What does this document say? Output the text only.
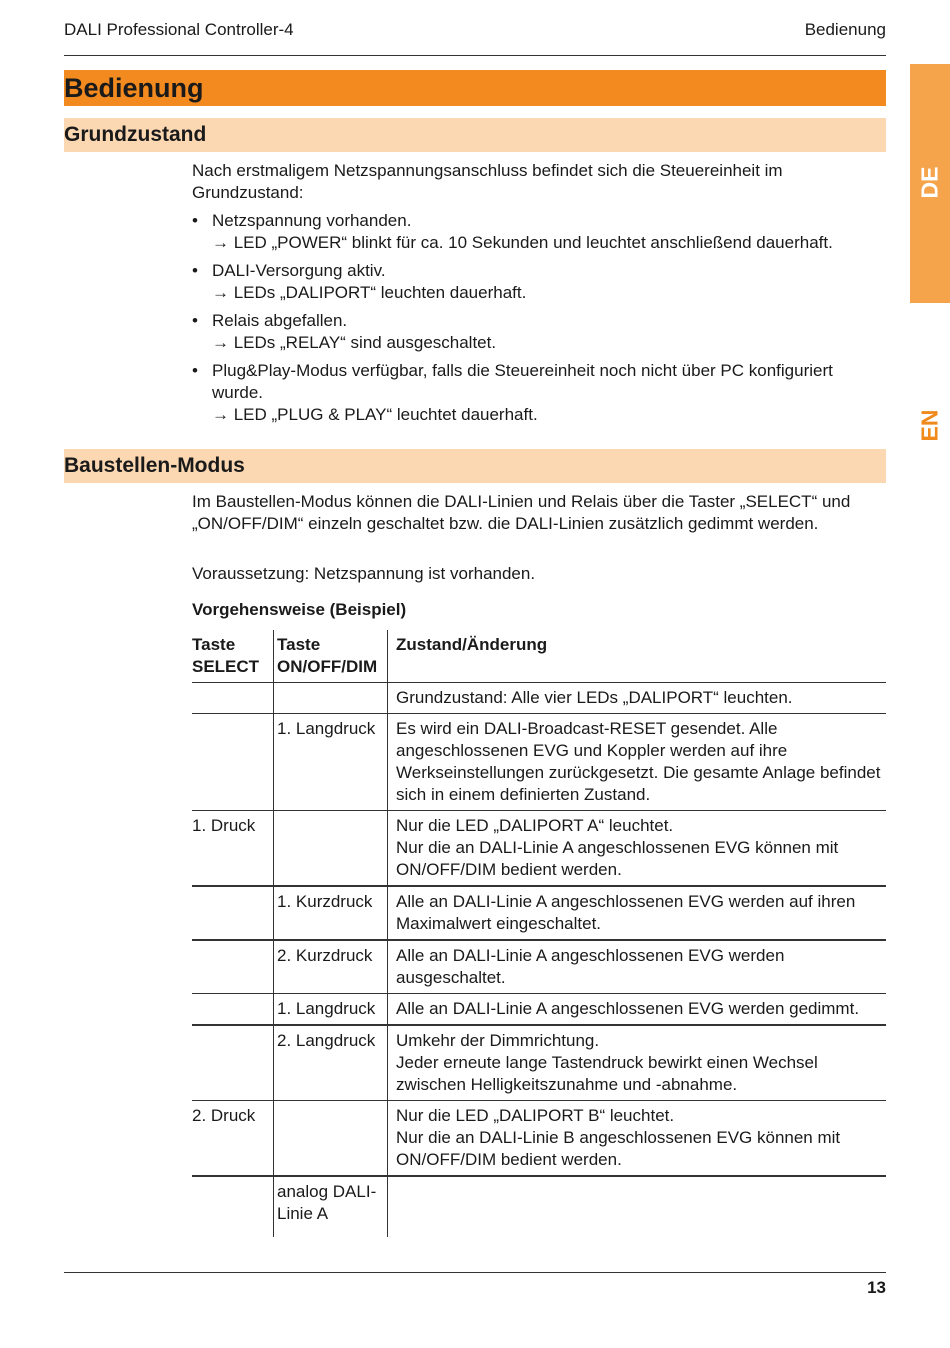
DALI Professional Controller-4	Bedienung
DE
EN
Bedienung
Grundzustand
Nach erstmaligem Netzspannungsanschluss befindet sich die Steuereinheit im Grundzustand:
• Netzspannung vorhanden.
→ LED „POWER“ blinkt für ca. 10 Sekunden und leuchtet anschließend dauerhaft.
• DALI-Versorgung aktiv.
→ LEDs „DALIPORT“ leuchten dauerhaft.
• Relais abgefallen.
→ LEDs „RELAY“ sind ausgeschaltet.
• Plug&Play-Modus verfügbar, falls die Steuereinheit noch nicht über PC konfiguriert wurde.
→ LED „PLUG & PLAY“ leuchtet dauerhaft.
Baustellen-Modus
Im Baustellen-Modus können die DALI-Linien und Relais über die Taster „SELECT“ und „ON/OFF/DIM“ einzeln geschaltet bzw. die DALI-Linien zusätzlich gedimmt werden.
Voraussetzung: Netzspannung ist vorhanden.
Vorgehensweise (Beispiel)
Taste SELECT	Taste ON/OFF/DIM	Zustand/Änderung
		Grundzustand: Alle vier LEDs „DALIPORT“ leuchten.
	1. Langdruck	Es wird ein DALI-Broadcast-RESET gesendet. Alle angeschlossenen EVG und Koppler werden auf ihre Werkseinstellungen zurückgesetzt. Die gesamte Anlage befindet sich in einem definierten Zustand.
1. Druck		Nur die LED „DALIPORT A“ leuchtet.
Nur die an DALI-Linie A angeschlossenen EVG können mit ON/OFF/DIM bedient werden.
	1. Kurzdruck	Alle an DALI-Linie A angeschlossenen EVG werden auf ihren Maximalwert eingeschaltet.
	2. Kurzdruck	Alle an DALI-Linie A angeschlossenen EVG werden ausgeschaltet.
	1. Langdruck	Alle an DALI-Linie A angeschlossenen EVG werden gedimmt.
	2. Langdruck	Umkehr der Dimmrichtung.
Jeder erneute lange Tastendruck bewirkt einen Wechsel zwischen Helligkeitszunahme und -abnahme.
2. Druck		Nur die LED „DALIPORT B“ leuchtet.
Nur die an DALI-Linie B angeschlossenen EVG können mit ON/OFF/DIM bedient werden.
	analog DALI-Linie A	
13
